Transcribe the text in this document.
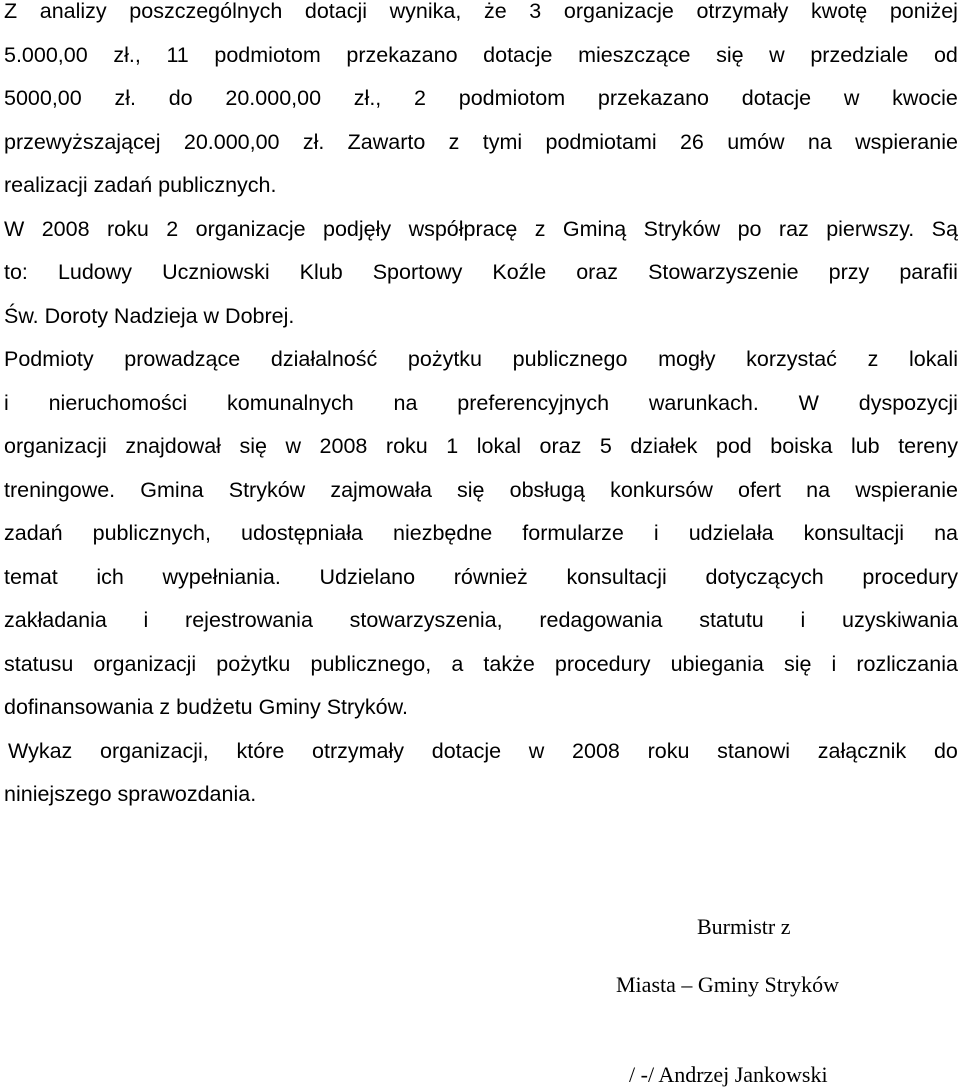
Z analizy poszczególnych dotacji wynika, że 3 organizacje otrzymały kwotę poniżej
5.000,00 zł., 11 podmiotom przekazano dotacje mieszczące się w przedziale od
5000,00 zł. do 20.000,00 zł., 2 podmiotom przekazano dotacje w kwocie
przewyższającej 20.000,00 zł. Zawarto z tymi podmiotami 26 umów na wspieranie
realizacji zadań publicznych.
W 2008 roku 2 organizacje podjęły współpracę z Gminą Stryków po raz pierwszy. Są
to: Ludowy Uczniowski Klub Sportowy Koźle oraz Stowarzyszenie przy parafii
Św. Doroty Nadzieja w Dobrej.
Podmioty prowadzące działalność pożytku publicznego mogły korzystać z lokali
i nieruchomości komunalnych na preferencyjnych warunkach. W dyspozycji
organizacji znajdował się w 2008 roku 1 lokal oraz 5 działek pod boiska lub tereny
treningowe. Gmina Stryków zajmowała się obsługą konkursów ofert na wspieranie
zadań publicznych, udostępniała niezbędne formularze i udzielała konsultacji na
temat ich wypełniania. Udzielano również konsultacji dotyczących procedury
zakładania i rejestrowania stowarzyszenia, redagowania statutu i uzyskiwania
statusu organizacji pożytku publicznego, a także procedury ubiegania się i rozliczania
dofinansowania z budżetu Gminy Stryków.
Wykaz organizacji, które otrzymały dotacje w 2008 roku stanowi załącznik do
niniejszego sprawozdania.
Burmistr z
Miasta – Gminy Stryków
/ -/ Andrzej Jankowski
